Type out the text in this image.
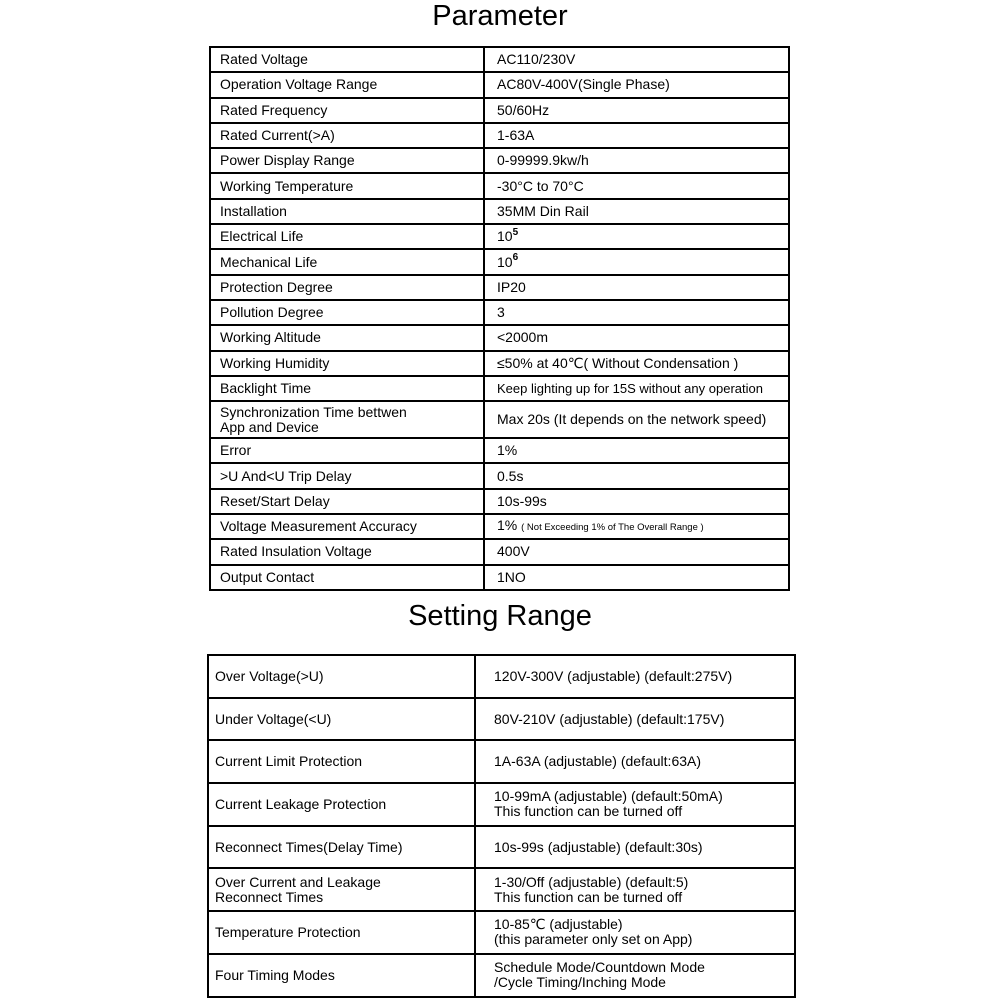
Parameter
Rated Voltage	AC110/230V
Operation Voltage Range	AC80V-400V(Single Phase)
Rated Frequency	50/60Hz
Rated Current(>A)	1-63A
Power Display Range	0-99999.9kw/h
Working Temperature	-30°C to 70°C
Installation	35MM Din Rail
Electrical Life	$10^5$
Mechanical Life	$10^6$
Protection Degree	IP20
Pollution Degree	3
Working Altitude	<2000m
Working Humidity	≤50% at 40℃( Without Condensation )
Backlight Time	Keep lighting up for 15S without any operation

Synchronization Time bettwen
App and Device	Max 20s (It depends on the network speed)
Error	1%
>U And<U Trip Delay	0.5s
Reset/Start Delay	10s-99s
Voltage Measurement Accuracy	1% ( Not Exceeding 1% of The Overall Range )
Rated Insulation Voltage	400V
Output Contact	1NO
Setting Range
Over Voltage(>U)	120V-300V (adjustable) (default:275V)
Under Voltage(<U)	80V-210V (adjustable) (default:175V)
Current Limit Protection	1A-63A (adjustable) (default:63A)
Current Leakage Protection	10-99mA (adjustable) (default:50mA)
This function can be turned off

Reconnect Times(Delay Time)	10s-99s (adjustable) (default:30s)

Over Current and Leakage
Reconnect Times	1-30/Off (adjustable) (default:5)
This function can be turned off

Temperature Protection	10-85℃ (adjustable)
(this parameter only set on App)

Four Timing Modes	Schedule Mode/Countdown Mode
/Cycle Timing/Inching Mode
